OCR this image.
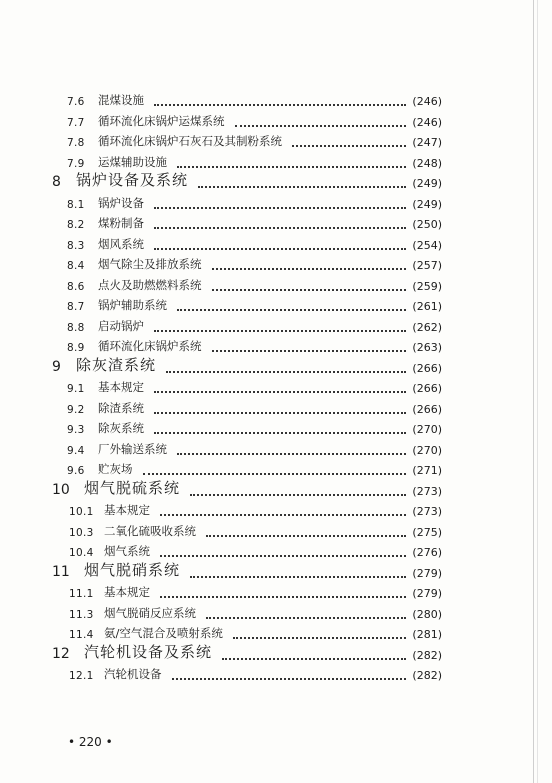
7.6 混煤设施	(246)
7.7 循环流化床锅炉运煤系统	(246)
7.8 循环流化床锅炉石灰石及其制粉系统	(247)
7.9 运煤辅助设施	(248)
8 锅炉设备及系统	(249)
8.1 锅炉设备	(249)
8.2 煤粉制备	(250)
8.3 烟风系统	(254)
8.4 烟气除尘及排放系统	(257)
8.6 点火及助燃燃料系统	(259)
8.7 锅炉辅助系统	(261)
8.8 启动锅炉	(262)
8.9 循环流化床锅炉系统	(263)
9 除灰渣系统	(266)
9.1 基本规定	(266)
9.2 除渣系统	(266)
9.3 除灰系统	(270)
9.4 厂外输送系统	(270)
9.6 贮灰场	(271)
10 烟气脱硫系统	(273)
10.1 基本规定	(273)
10.3 二氧化硫吸收系统	(275)
10.4 烟气系统	(276)
11 烟气脱硝系统	(279)
11.1 基本规定	(279)
11.3 烟气脱硝反应系统	(280)
11.4 氨/空气混合及喷射系统	(281)
12 汽轮机设备及系统	(282)
12.1 汽轮机设备	(282)
• 220 •
